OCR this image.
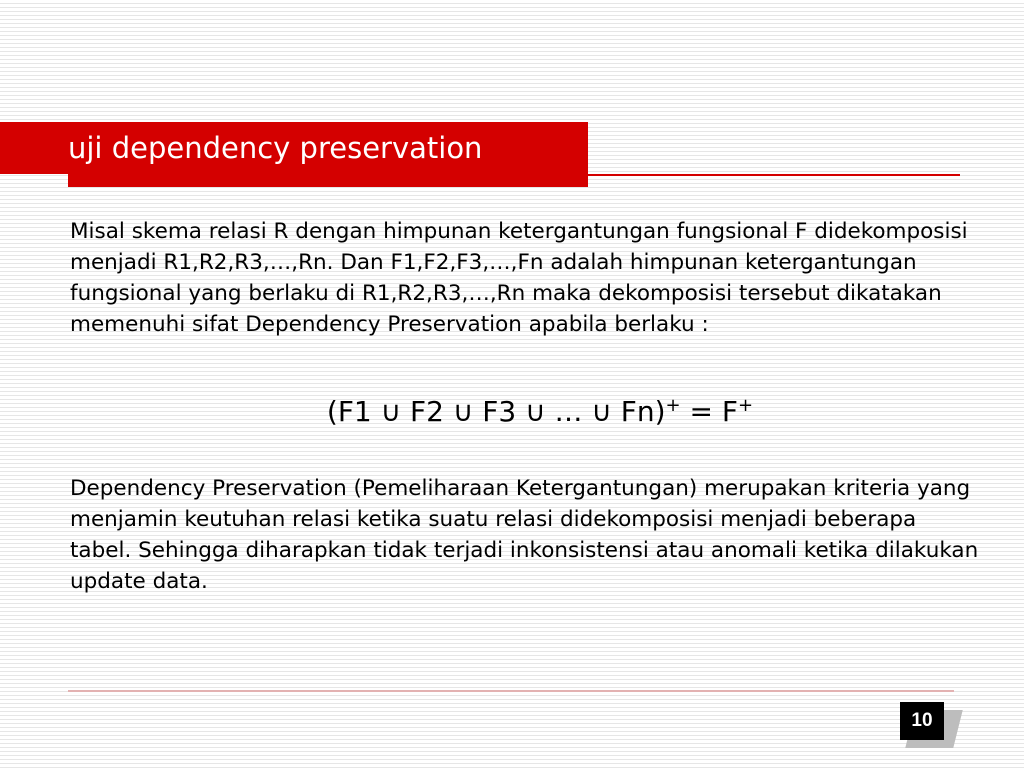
uji dependency preservation

Misal skema relasi R dengan himpunan ketergantungan fungsional F didekomposisi menjadi R1,R2,R3,…,Rn. Dan F1,F2,F3,…,Fn adalah himpunan ketergantungan fungsional yang berlaku di R1,R2,R3,…,Rn maka dekomposisi tersebut dikatakan memenuhi sifat Dependency Preservation apabila berlaku :

(F1 ∪ F2 ∪ F3 ∪ … ∪ Fn)+ = F+

Dependency Preservation (Pemeliharaan Ketergantungan) merupakan kriteria yang menjamin keutuhan relasi ketika suatu relasi didekomposisi menjadi beberapa tabel. Sehingga diharapkan tidak terjadi inkonsistensi atau anomali ketika dilakukan update data.

10
